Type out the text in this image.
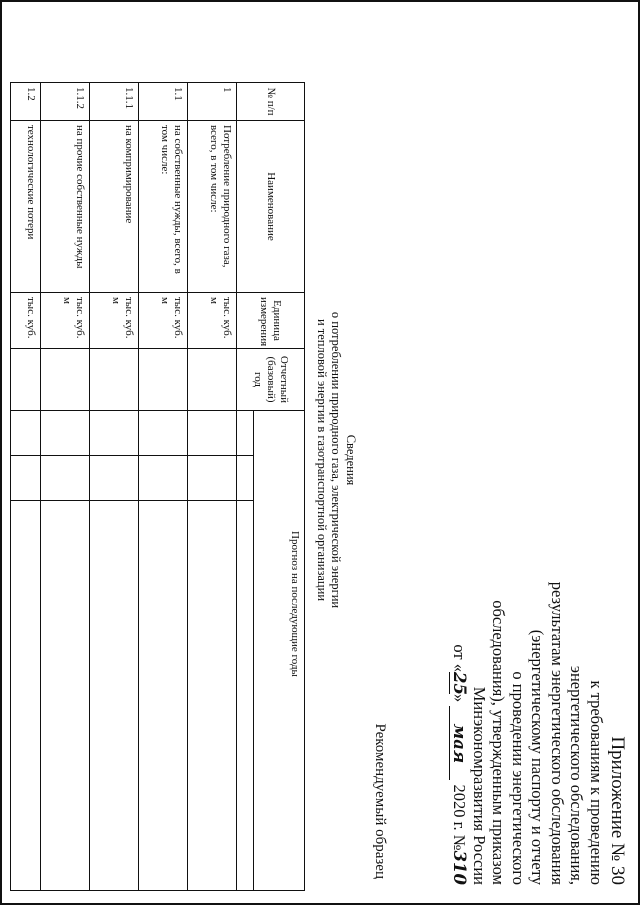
Приложение № 30
к требованиям к проведению
энергетического обследования,
результатам энергетического обследования
(энергетическому паспорту и отчету
о проведении энергетического
обследования), утвержденным приказом
Минэкономразвития России
от «25» мая 2020 г. №310
Рекомендуемый образец
Сведения
о потреблении природного газа, электрической энергии
и тепловой энергии в газотранспортной организации
№ п/п	Наименование	Единица измерения	Отчетный (базовый) год	Прогноз на последующие годы		

1	Потребление природного газа, всего, в том числе:	тыс. куб. м				
1.1	на собственные нужды, всего, в том числе:	тыс. куб. м				
1.1.1	на компримирование	тыс. куб. м				
1.1.2	на прочие собственные нужды	тыс. куб. м				
1.2	технологические потери	тыс. куб.				
